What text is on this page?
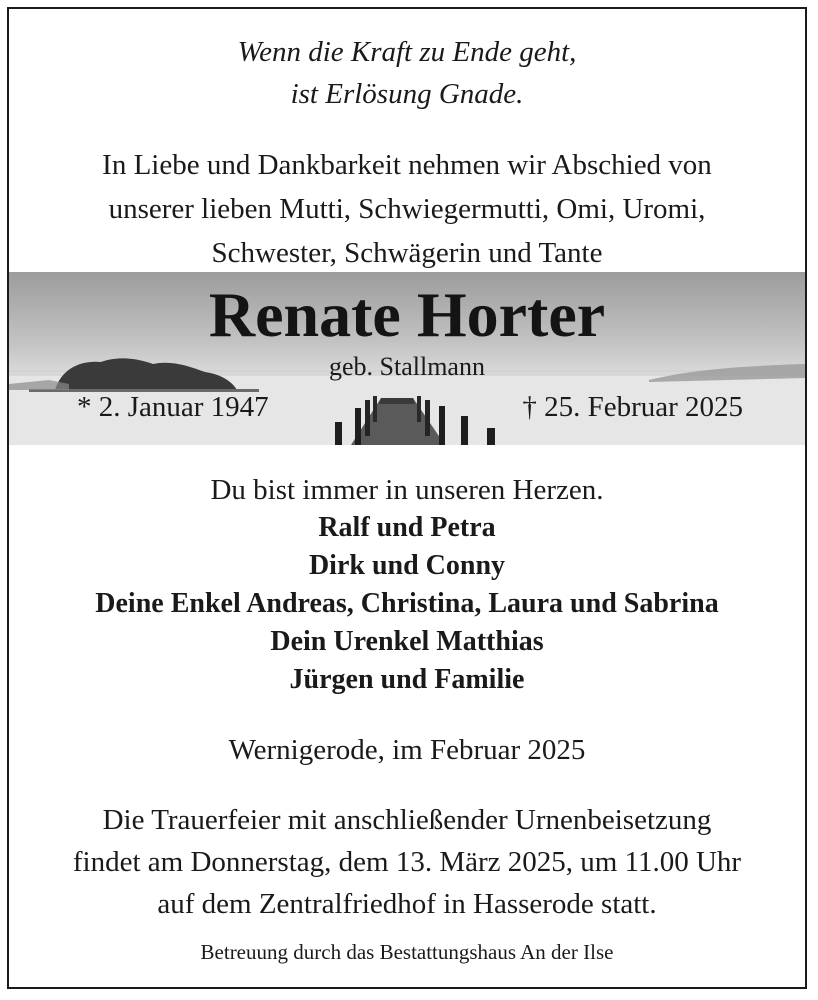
Wenn die Kraft zu Ende geht,
ist Erlösung Gnade.
In Liebe und Dankbarkeit nehmen wir Abschied von
unserer lieben Mutti, Schwiegermutti, Omi, Uromi,
Schwester, Schwägerin und Tante
Renate Horter
geb. Stallmann
* 2. Januar 1947	† 25. Februar 2025
Du bist immer in unseren Herzen.
Ralf und Petra
Dirk und Conny
Deine Enkel Andreas, Christina, Laura und Sabrina
Dein Urenkel Matthias
Jürgen und Familie
Wernigerode, im Februar 2025
Die Trauerfeier mit anschließender Urnenbeisetzung
findet am Donnerstag, dem 13. März 2025, um 11.00 Uhr
auf dem Zentralfriedhof in Hasserode statt.
Betreuung durch das Bestattungshaus An der Ilse
